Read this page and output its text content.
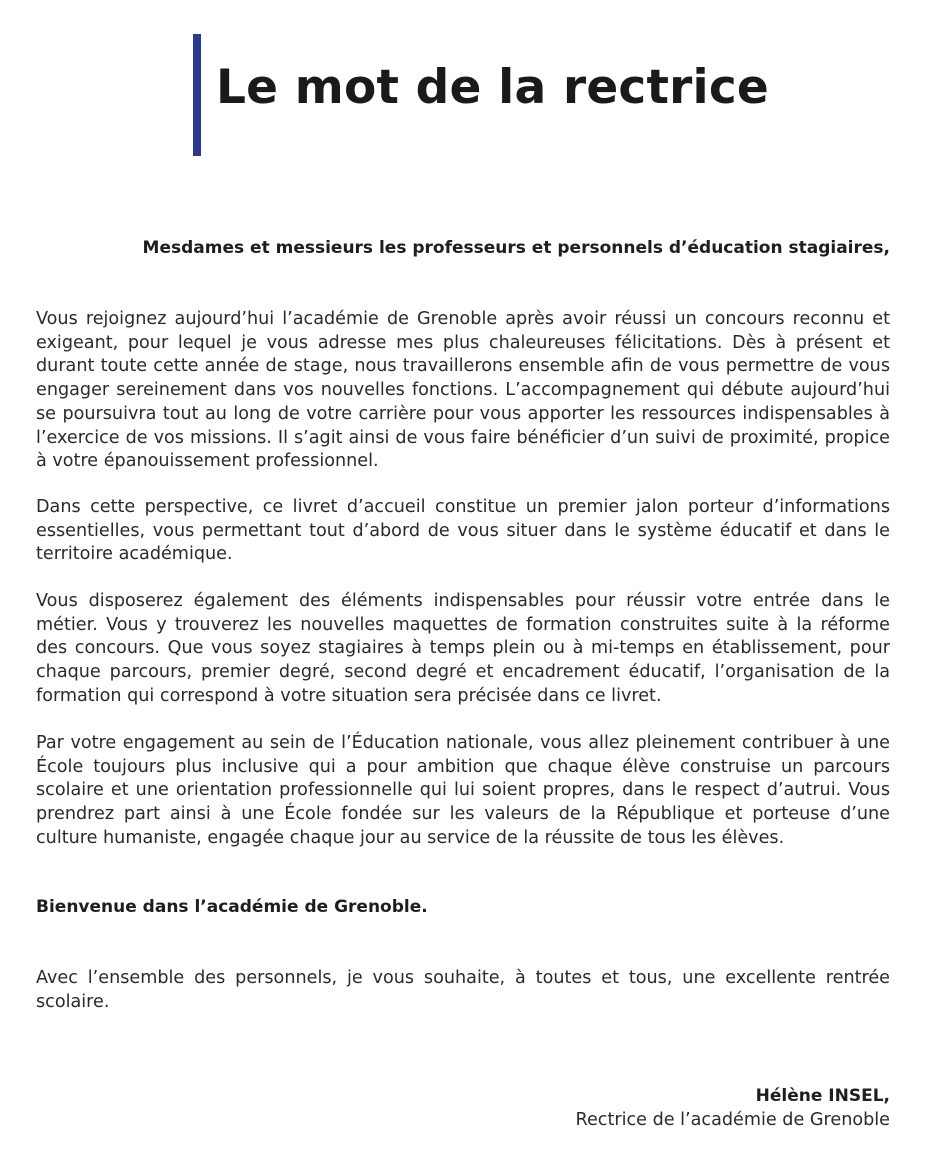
Le mot de la rectrice

Mesdames et messieurs les professeurs et personnels d’éducation stagiaires,

Vous rejoignez aujourd’hui l’académie de Grenoble après avoir réussi un concours reconnu et exigeant, pour lequel je vous adresse mes plus chaleureuses félicitations. Dès à présent et durant toute cette année de stage, nous travaillerons ensemble afin de vous permettre de vous engager sereinement dans vos nouvelles fonctions. L’accompagnement qui débute aujourd’hui se poursuivra tout au long de votre carrière pour vous apporter les ressources indispensables à l’exercice de vos missions. Il s’agit ainsi de vous faire bénéficier d’un suivi de proximité, propice à votre épanouissement professionnel.

Dans cette perspective, ce livret d’accueil constitue un premier jalon porteur d’informations essentielles, vous permettant tout d’abord de vous situer dans le système éducatif et dans le territoire académique.

Vous disposerez également des éléments indispensables pour réussir votre entrée dans le métier. Vous y trouverez les nouvelles maquettes de formation construites suite à la réforme des concours. Que vous soyez stagiaires à temps plein ou à mi-temps en établissement, pour chaque parcours, premier degré, second degré et encadrement éducatif, l’organisation de la formation qui correspond à votre situation sera précisée dans ce livret.

Par votre engagement au sein de l’Éducation nationale, vous allez pleinement contribuer à une École toujours plus inclusive qui a pour ambition que chaque élève construise un parcours scolaire et une orientation professionnelle qui lui soient propres, dans le respect d’autrui. Vous prendrez part ainsi à une École fondée sur les valeurs de la République et porteuse d’une culture humaniste, engagée chaque jour au service de la réussite de tous les élèves.

Bienvenue dans l’académie de Grenoble.

Avec l’ensemble des personnels, je vous souhaite, à toutes et tous, une excellente rentrée scolaire.

Hélène INSEL,
Rectrice de l’académie de Grenoble
